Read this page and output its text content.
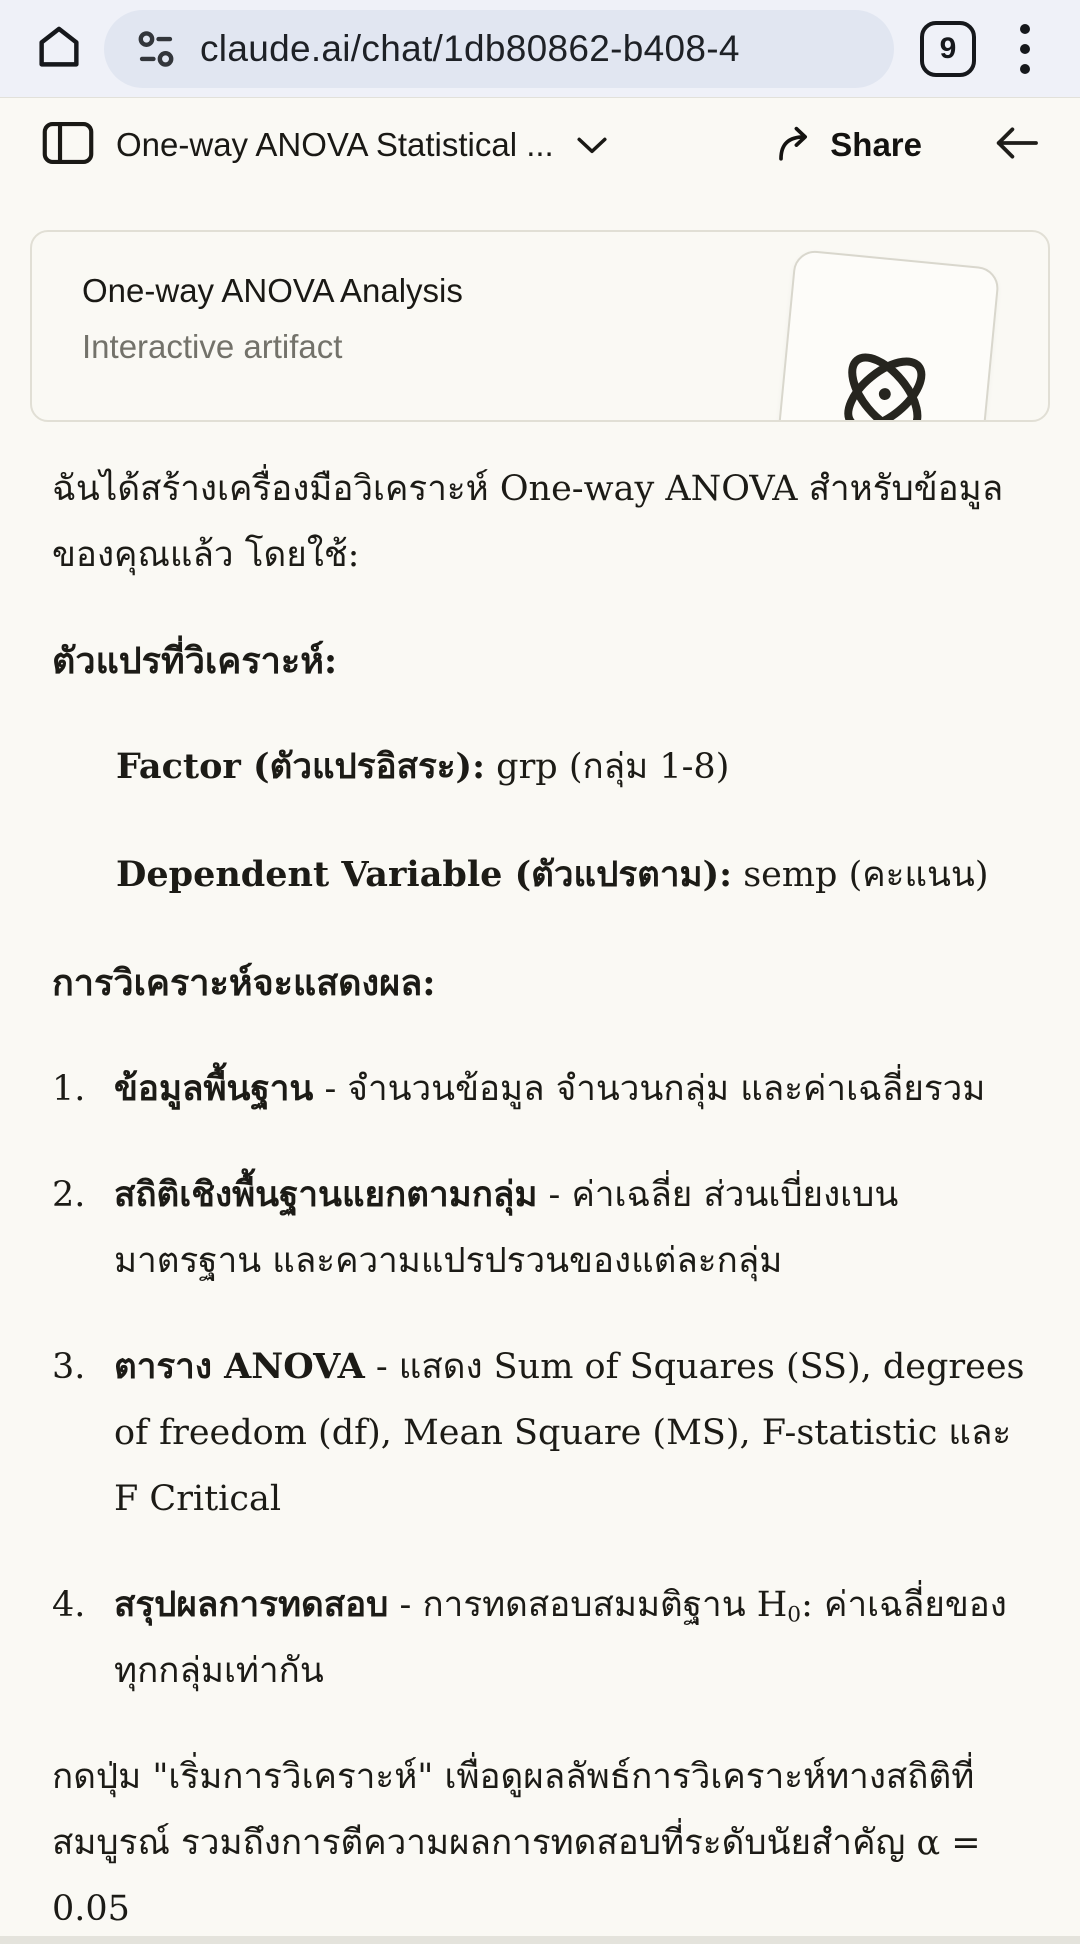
claude.ai/chat/1db80862-b408-4	9
One-way ANOVA Statistical ...	Share
One-way ANOVA Analysis
Interactive artifact

ฉัน​ได้​สร้าง​เครื่อง​มือ​วิเคราะห์ One-way ANOVA สำหรับ​ข้อมูล​ของ​คุณ​แล้ว โดย​ใช้:

ตัวแปรที่วิเคราะห์:
Factor (ตัวแปรอิสระ): grp (กลุ่ม 1-8)
Dependent Variable (ตัวแปรตาม): semp (คะแนน)
การวิเคราะห์จะแสดงผล:
1. ข้อมูลพื้นฐาน - จำนวน​ข้อมูล จำนวน​กลุ่ม และ​ค่า​เฉลี่ย​รวม
2. สถิติเชิงพื้นฐานแยกตามกลุ่ม - ค่า​เฉลี่ย ส่วน​เบี่ยง​เบน​มาตรฐาน และ​ความ​แปรปรวน​ของ​แต่​ละ​กลุ่ม
3. ตาราง ANOVA - แสดง Sum of Squares (SS), degrees of freedom (df), Mean Square (MS), F-statistic และ F Critical
4. สรุปผลการทดสอบ - การ​ทดสอบ​สมมติฐาน $H_0$: ค่า​เฉลี่ย​ของ​ทุก​กลุ่ม​เท่า​กัน

กด​ปุ่ม "เริ่ม​การ​วิเคราะห์" เพื่อ​ดู​ผล​ลัพธ์​การ​วิเคราะห์​ทาง​สถิติ​ที่​สมบูรณ์ รวม​ถึง​การ​ตี​ความ​ผล​การ​ทดสอบ​ที่​ระดับ​นัย​สำคัญ α = 0.05
